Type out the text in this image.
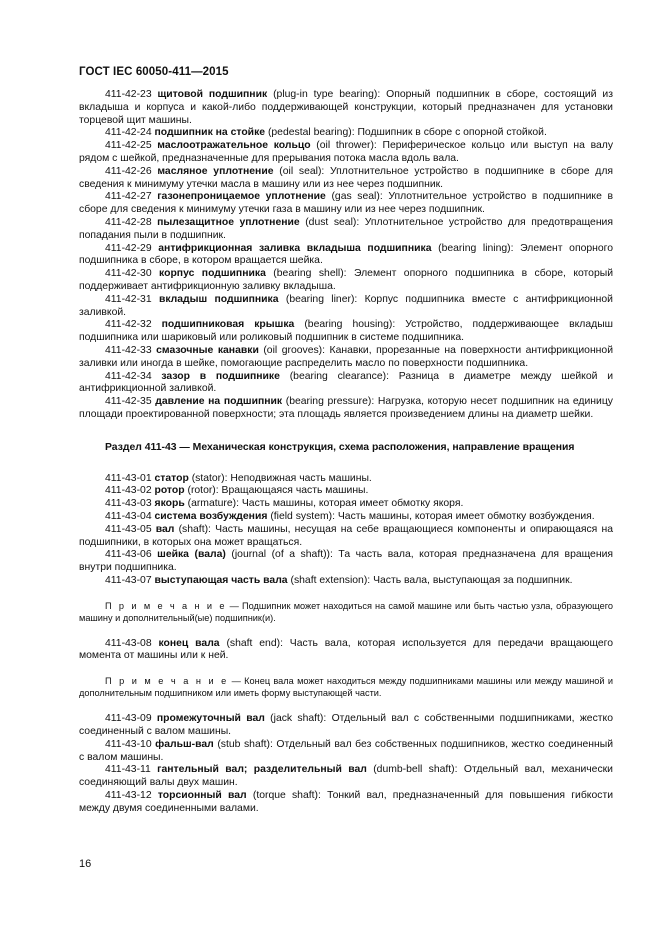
ГОСТ IEC 60050-411—2015

411-42-23 щитовой подшипник (plug-in type bearing): Опорный подшипник в сборе, состоящий из вкладыша и корпуса и какой-либо поддерживающей конструкции, который предназначен для установки торцевой щит машины.

411-42-24 подшипник на стойке (pedestal bearing): Подшипник в сборе с опорной стойкой.

411-42-25 маслоотражательное кольцо (oil thrower): Периферическое кольцо или выступ на валу рядом с шейкой, предназначенные для прерывания потока масла вдоль вала.

411-42-26 масляное уплотнение (oil seal): Уплотнительное устройство в подшипнике в сборе для сведения к минимуму утечки масла в машину или из нее через подшипник.

411-42-27 газонепроницаемое уплотнение (gas seal): Уплотнительное устройство в подшипнике в сборе для сведения к минимуму утечки газа в машину или из нее через подшипник.

411-42-28 пылезащитное уплотнение (dust seal): Уплотнительное устройство для предотвращения попадания пыли в подшипник.

411-42-29 антифрикционная заливка вкладыша подшипника (bearing lining): Элемент опорного подшипника в сборе, в котором вращается шейка.

411-42-30 корпус подшипника (bearing shell): Элемент опорного подшипника в сборе, который поддерживает антифрикционную заливку вкладыша.

411-42-31 вкладыш подшипника (bearing liner): Корпус подшипника вместе с антифрикционной заливкой.

411-42-32 подшипниковая крышка (bearing housing): Устройство, поддерживающее вкладыш подшипника или шариковый или роликовый подшипник в системе подшипника.

411-42-33 смазочные канавки (oil grooves): Канавки, прорезанные на поверхности антифрикционной заливки или иногда в шейке, помогающие распределить масло по поверхности подшипника.

411-42-34 зазор в подшипнике (bearing clearance): Разница в диаметре между шейкой и антифрикционной заливкой.

411-42-35 давление на подшипник (bearing pressure): Нагрузка, которую несет подшипник на единицу площади проектированной поверхности; эта площадь является произведением длины на диаметр шейки.

Раздел 411-43 — Механическая конструкция, схема расположения, направление вращения

411-43-01 статор (stator): Неподвижная часть машины.

411-43-02 ротор (rotor): Вращающаяся часть машины.

411-43-03 якорь (armature): Часть машины, которая имеет обмотку якоря.

411-43-04 система возбуждения (field system): Часть машины, которая имеет обмотку возбуждения.

411-43-05 вал (shaft): Часть машины, несущая на себе вращающиеся компоненты и опирающаяся на подшипники, в которых она может вращаться.

411-43-06 шейка (вала) (journal (of a shaft)): Та часть вала, которая предназначена для вращения внутри подшипника.

411-43-07 выступающая часть вала (shaft extension): Часть вала, выступающая за подшипник.

П р и м е ч а н и е — Подшипник может находиться на самой машине или быть частью узла, образующего машину и дополнительный(ые) подшипник(и).

411-43-08 конец вала (shaft end): Часть вала, которая используется для передачи вращающего момента от машины или к ней.

П р и м е ч а н и е — Конец вала может находиться между подшипниками машины или между машиной и дополнительным подшипником или иметь форму выступающей части.

411-43-09 промежуточный вал (jack shaft): Отдельный вал с собственными подшипниками, жестко соединенный с валом машины.

411-43-10 фальш-вал (stub shaft): Отдельный вал без собственных подшипников, жестко соединенный с валом машины.

411-43-11 гантельный вал; разделительный вал (dumb-bell shaft): Отдельный вал, механически соединяющий валы двух машин.

411-43-12 торсионный вал (torque shaft): Тонкий вал, предназначенный для повышения гибкости между двумя соединенными валами.

16
